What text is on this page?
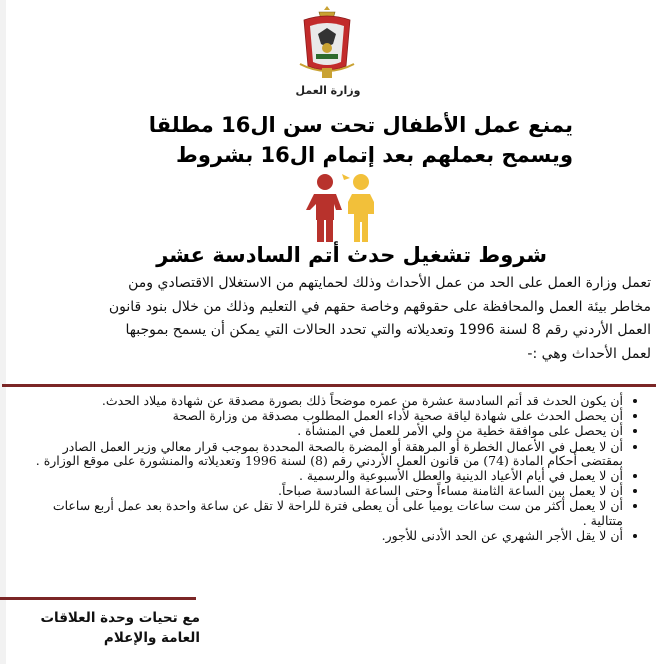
وزارة العمل
يمنع عمل الأطفال تحت سن ال16 مطلقا
ويسمح بعملهم بعد إتمام ال16 بشروط
شروط تشغيل حدث أتم السادسة عشر
تعمل وزارة العمل على الحد من عمل الأحداث وذلك لحمايتهم من الاستغلال الاقتصادي ومن
مخاطر بيئة العمل والمحافظة على حقوقهم وخاصة حقهم في التعليم وذلك من خلال بنود قانون
العمل الأردني رقم 8 لسنة 1996 وتعديلاته والتي تحدد الحالات التي يمكن أن يسمح بموجبها
لعمل الأحداث وهي :-
أن يكون الحدث قد أتم السادسة عشرة من عمره موضحاً ذلك بصورة مصدقة عن شهادة ميلاد الحدث.
أن يحصل الحدث على شهادة لياقة صحية لأداء العمل المطلوب مصدقة من وزارة الصحة
أن يحصل على موافقة خطية من ولي الأمر للعمل في المنشأة .
أن لا يعمل في الأعمال الخطرة أو المرهقة أو المضرة بالصحة المحددة بموجب قرار معالي وزير العمل الصادر بمقتضى أحكام المادة (74) من قانون العمل الأردني رقم (8) لسنة 1996 وتعديلاته والمنشورة على موقع الوزارة .
أن لا يعمل في أيام الأعياد الدينية والعطل الأسبوعية والرسمية .
أن لا يعمل بين الساعة الثامنة مساءاً وحتى الساعة السادسة صباحاً.
أن لا يعمل أكثر من ست ساعات يوميا على أن يعطى فترة للراحة لا تقل عن ساعة واحدة بعد عمل أربع ساعات متتالية .
أن لا يقل الأجر الشهري عن الحد الأدنى للأجور.
مع تحيات وحدة العلاقات
العامة والإعلام
